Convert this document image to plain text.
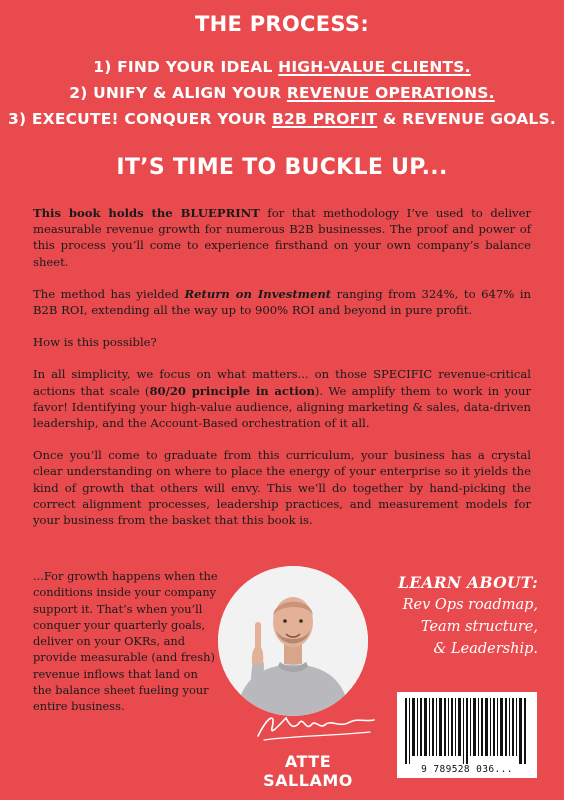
THE PROCESS:
1) FIND YOUR IDEAL HIGH-VALUE CLIENTS.
2) UNIFY & ALIGN YOUR REVENUE OPERATIONS.
3) EXECUTE! CONQUER YOUR B2B PROFIT & REVENUE GOALS.
IT’S TIME TO BUCKLE UP...

This book holds the BLUEPRINT for that methodology I’ve used to deliver measurable revenue growth for numerous B2B businesses. The proof and power of this process you’ll come to experience firsthand on your own company’s balance sheet.

The method has yielded Return on Investment ranging from 324%, to 647% in B2B ROI, extending all the way up to 900% ROI and beyond in pure profit.

How is this possible?

In all simplicity, we focus on what matters... on those SPECIFIC revenue-critical actions that scale (80/20 principle in action). We amplify them to work in your favor! Identifying your high-value audience, aligning marketing & sales, data-driven leadership, and the Account-Based orchestration of it all.

Once you’ll come to graduate from this curriculum, your business has a crystal clear understanding on where to place the energy of your enterprise so it yields the kind of growth that others will envy. This we’ll do together by hand-picking the correct alignment processes, leadership practices, and measurement models for your business from the basket that this book is.

...For growth happens when the conditions inside your company support it. That’s when you’ll conquer your quarterly goals, deliver on your OKRs, and provide measurable (and fresh) revenue inflows that land on the balance sheet fueling your entire business.
ATTE SALLAMO
LEARN ABOUT:
Rev Ops roadmap,
Team structure,
& Leadership.
9 789528 036...
